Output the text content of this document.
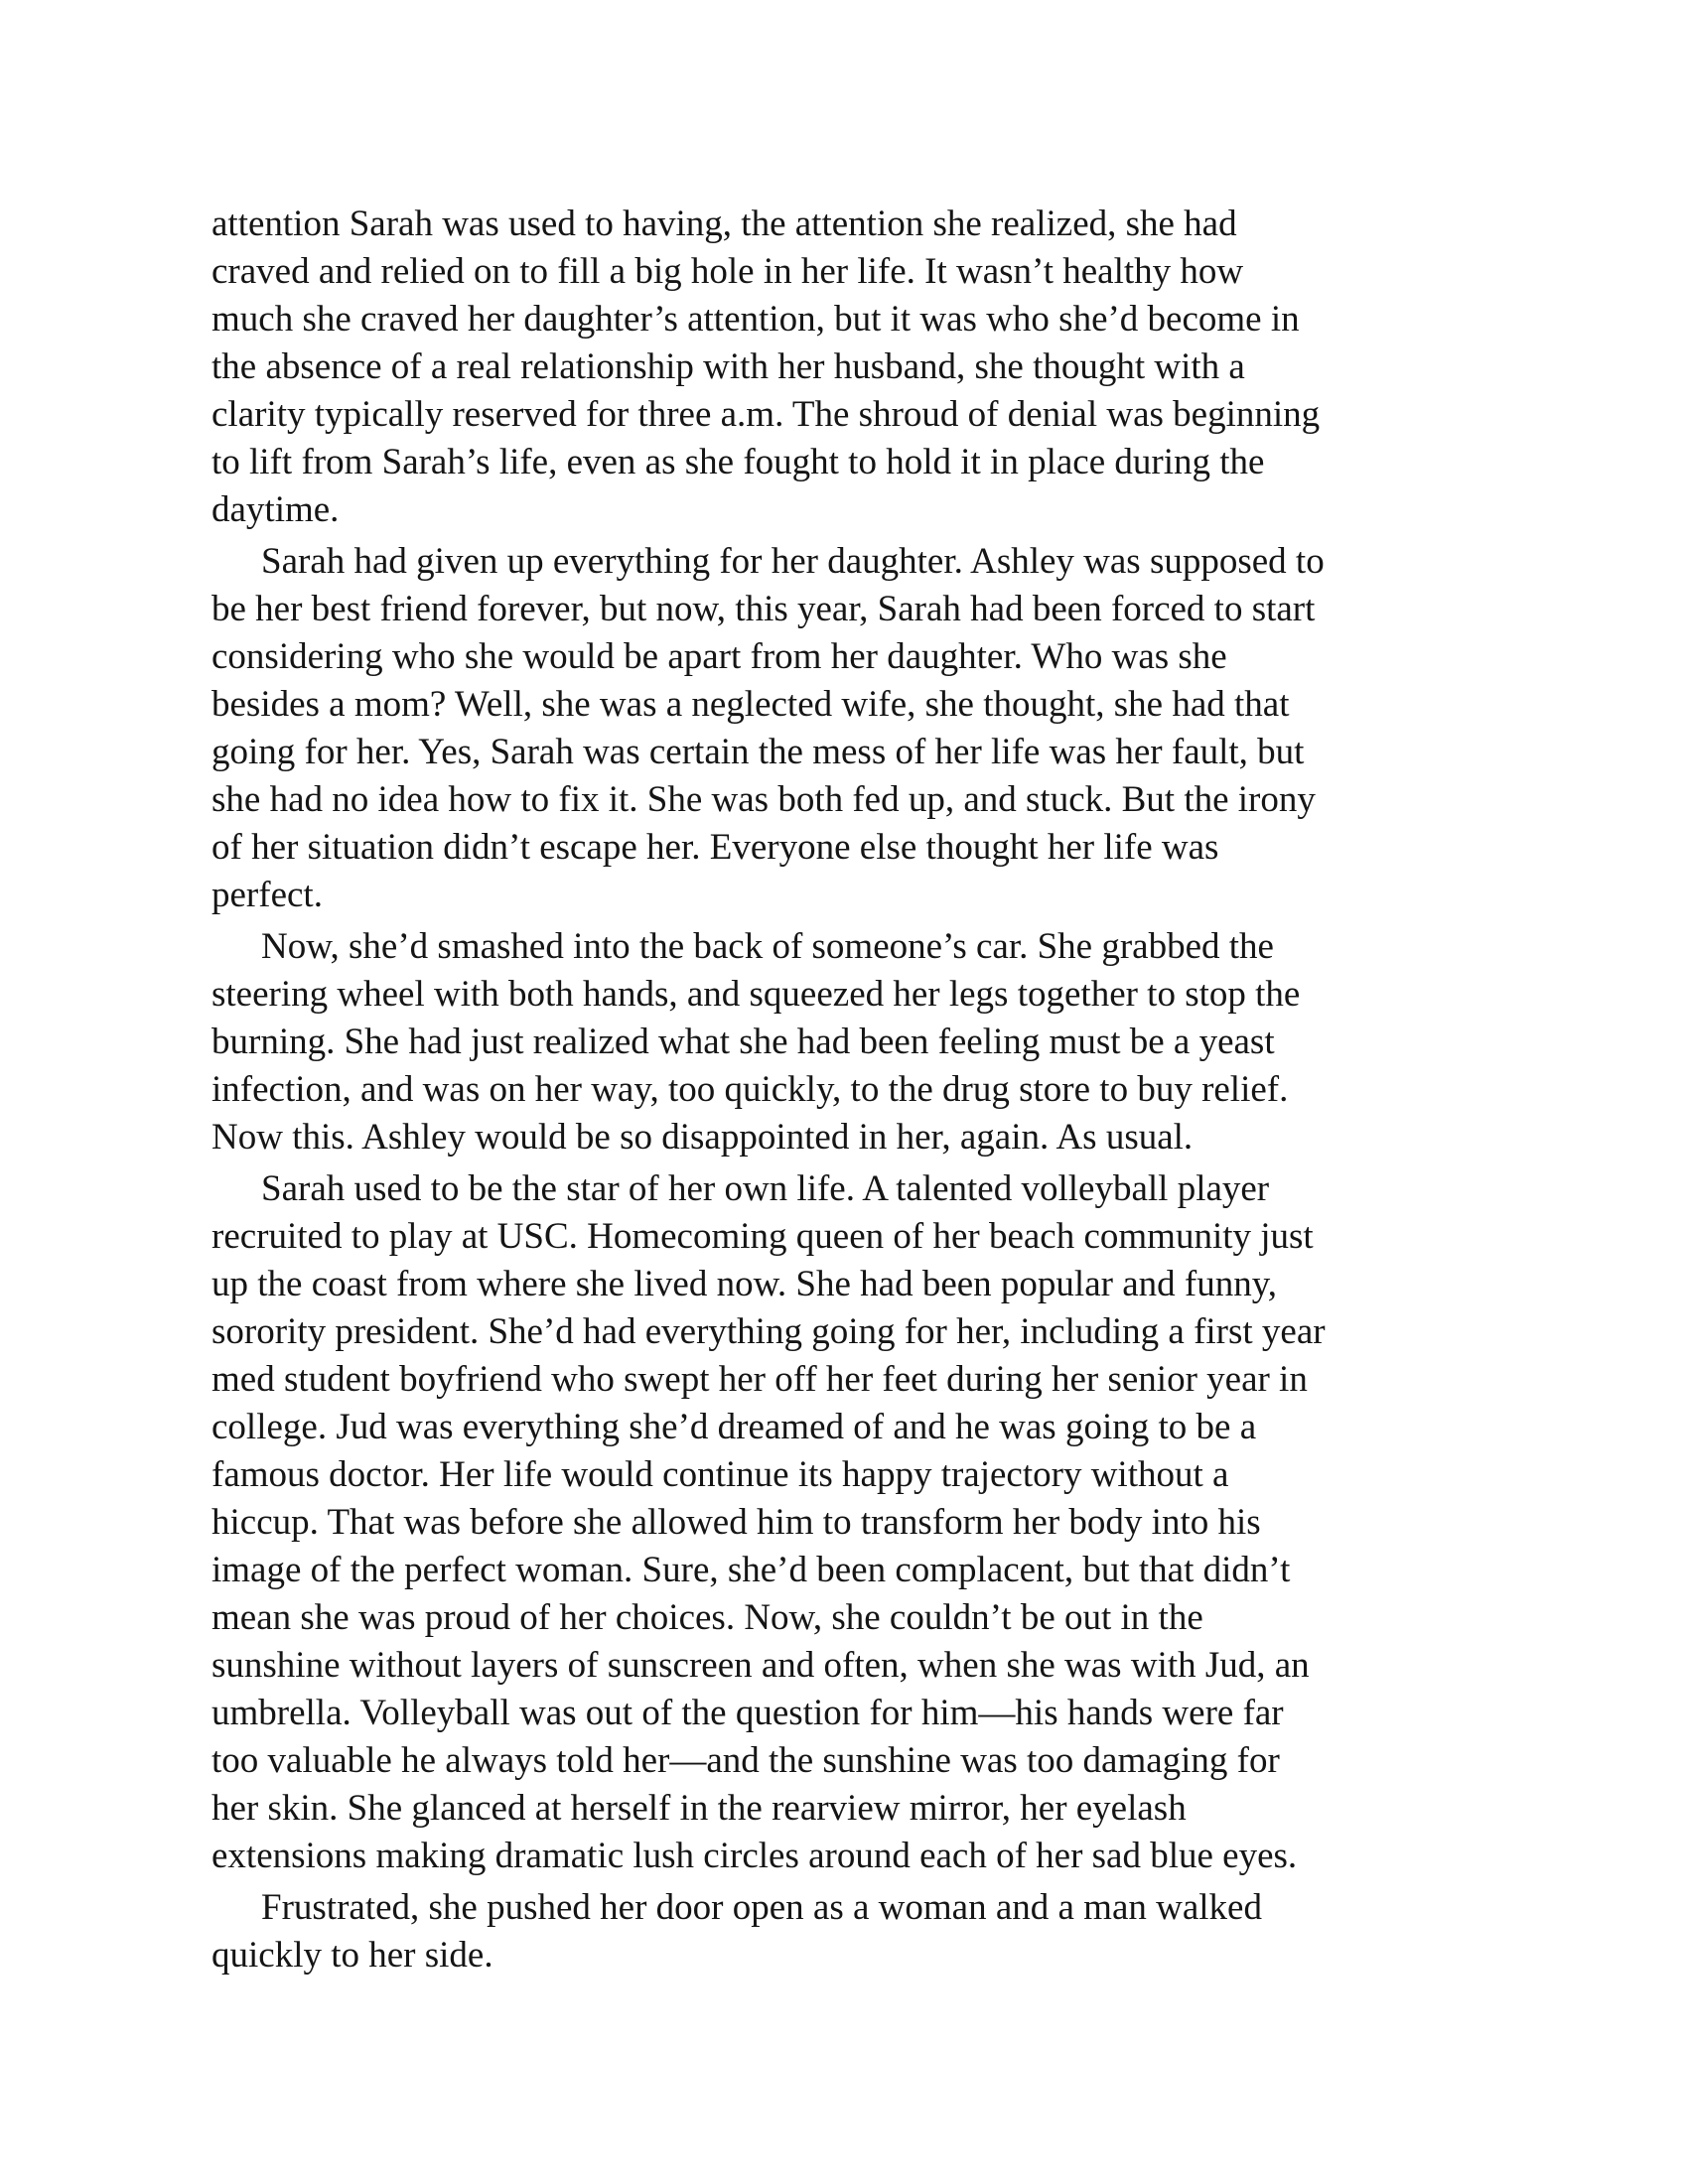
attention Sarah was used to having, the attention she realized, she had
craved and relied on to fill a big hole in her life. It wasn’t healthy how
much she craved her daughter’s attention, but it was who she’d become in
the absence of a real relationship with her husband, she thought with a
clarity typically reserved for three a.m. The shroud of denial was beginning
to lift from Sarah’s life, even as she fought to hold it in place during the
daytime.
Sarah had given up everything for her daughter. Ashley was supposed to
be her best friend forever, but now, this year, Sarah had been forced to start
considering who she would be apart from her daughter. Who was she
besides a mom? Well, she was a neglected wife, she thought, she had that
going for her. Yes, Sarah was certain the mess of her life was her fault, but
she had no idea how to fix it. She was both fed up, and stuck. But the irony
of her situation didn’t escape her. Everyone else thought her life was
perfect.
Now, she’d smashed into the back of someone’s car. She grabbed the
steering wheel with both hands, and squeezed her legs together to stop the
burning. She had just realized what she had been feeling must be a yeast
infection, and was on her way, too quickly, to the drug store to buy relief.
Now this. Ashley would be so disappointed in her, again. As usual.
Sarah used to be the star of her own life. A talented volleyball player
recruited to play at USC. Homecoming queen of her beach community just
up the coast from where she lived now. She had been popular and funny,
sorority president. She’d had everything going for her, including a first year
med student boyfriend who swept her off her feet during her senior year in
college. Jud was everything she’d dreamed of and he was going to be a
famous doctor. Her life would continue its happy trajectory without a
hiccup. That was before she allowed him to transform her body into his
image of the perfect woman. Sure, she’d been complacent, but that didn’t
mean she was proud of her choices. Now, she couldn’t be out in the
sunshine without layers of sunscreen and often, when she was with Jud, an
umbrella. Volleyball was out of the question for him—his hands were far
too valuable he always told her—and the sunshine was too damaging for
her skin. She glanced at herself in the rearview mirror, her eyelash
extensions making dramatic lush circles around each of her sad blue eyes.
Frustrated, she pushed her door open as a woman and a man walked
quickly to her side.
